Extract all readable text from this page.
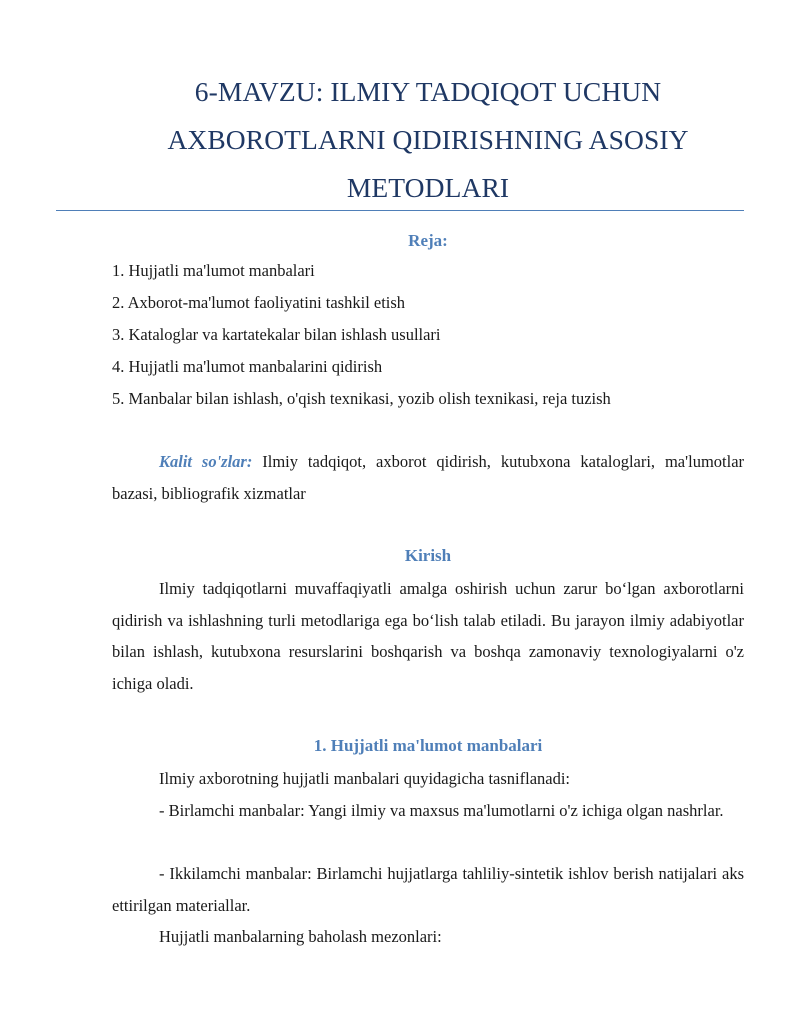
6-MAVZU: ILMIY TADQIQOT UCHUN
AXBOROTLARNI QIDIRISHNING ASOSIY
METODLARI
Reja:
1. Hujjatli ma'lumot manbalari
2. Axborot-ma'lumot faoliyatini tashkil etish
3. Kataloglar va kartatekalar bilan ishlash usullari
4. Hujjatli ma'lumot manbalarini qidirish
5. Manbalar bilan ishlash, o'qish texnikasi, yozib olish texnikasi, reja tuzish
Kalit so'zlar: Ilmiy tadqiqot, axborot qidirish, kutubxona kataloglari, ma'lumotlar bazasi, bibliografik xizmatlar
Kirish
Ilmiy tadqiqotlarni muvaffaqiyatli amalga oshirish uchun zarur bo‘lgan axborotlarni qidirish va ishlashning turli metodlariga ega bo‘lish talab etiladi. Bu jarayon ilmiy adabiyotlar bilan ishlash, kutubxona resurslarini boshqarish va boshqa zamonaviy texnologiyalarni o'z ichiga oladi.
1. Hujjatli ma'lumot manbalari
Ilmiy axborotning hujjatli manbalari quyidagicha tasniflanadi:
- Birlamchi manbalar: Yangi ilmiy va maxsus ma'lumotlarni o'z ichiga olgan nashrlar.
- Ikkilamchi manbalar: Birlamchi hujjatlarga tahliliy-sintetik ishlov berish natijalari aks ettirilgan materiallar.
Hujjatli manbalarning baholash mezonlari:
